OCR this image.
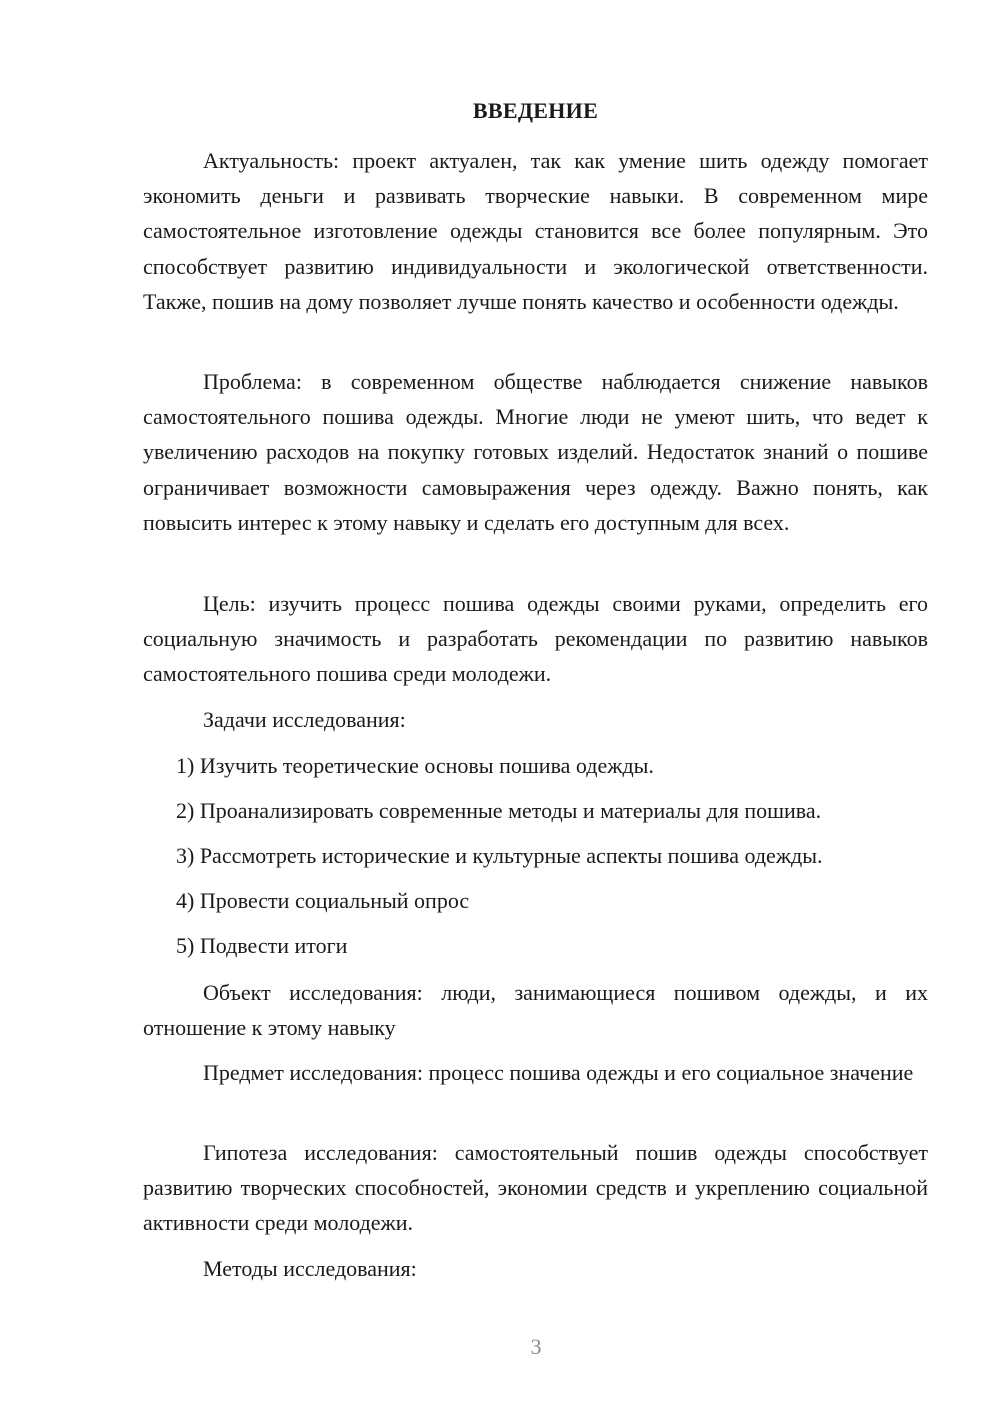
ВВЕДЕНИЕ

Актуальность: проект актуален, так как умение шить одежду помогает экономить деньги и развивать творческие навыки. В современном мире самостоятельное изготовление одежды становится все более популярным. Это способствует развитию индивидуальности и экологической ответственности. Также, пошив на дому позволяет лучше понять качество и особенности одежды.

Проблема: в современном обществе наблюдается снижение навыков самостоятельного пошива одежды. Многие люди не умеют шить, что ведет к увеличению расходов на покупку готовых изделий. Недостаток знаний о пошиве ограничивает возможности самовыражения через одежду. Важно понять, как повысить интерес к этому навыку и сделать его доступным для всех.

Цель: изучить процесс пошива одежды своими руками, определить его социальную значимость и разработать рекомендации по развитию навыков самостоятельного пошива среди молодежи.

Задачи исследования:

1) Изучить теоретические основы пошива одежды.

2) Проанализировать современные методы и материалы для пошива.

3) Рассмотреть исторические и культурные аспекты пошива одежды.

4) Провести социальный опрос

5) Подвести итоги

Объект исследования: люди, занимающиеся пошивом одежды, и их отношение к этому навыку

Предмет исследования: процесс пошива одежды и его социальное значение

Гипотеза исследования: самостоятельный пошив одежды способствует развитию творческих способностей, экономии средств и укреплению социальной активности среди молодежи.

Методы исследования:

3
